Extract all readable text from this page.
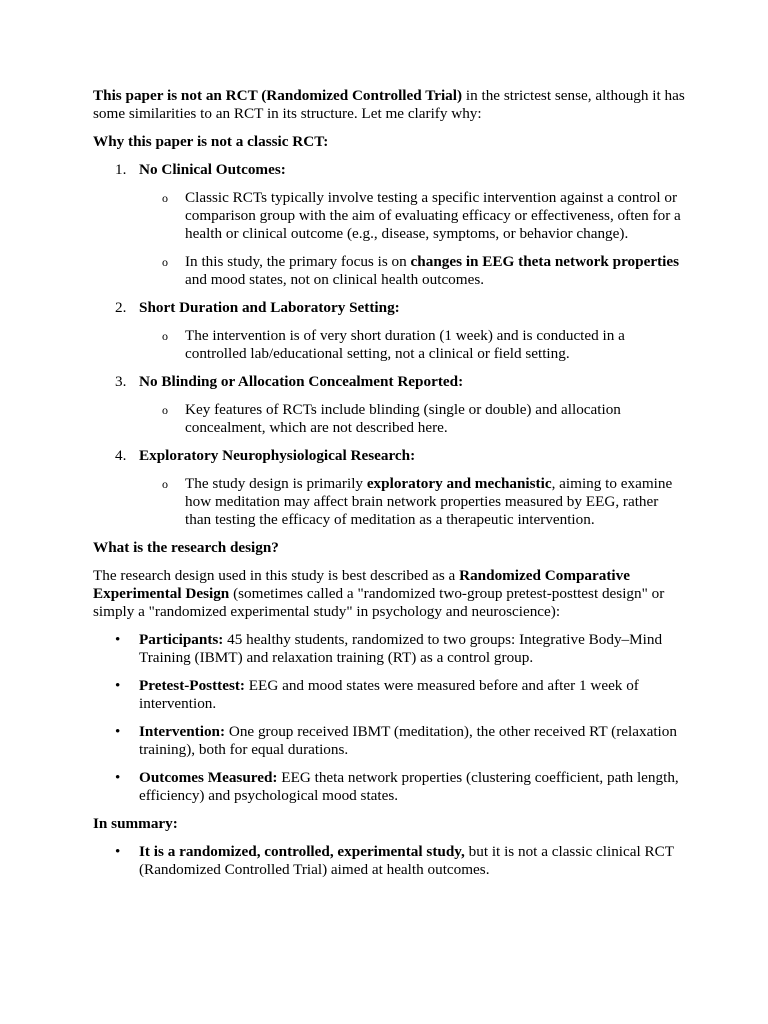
This paper is not an RCT (Randomized Controlled Trial) in the strictest sense, although it has some similarities to an RCT in its structure. Let me clarify why:

Why this paper is not a classic RCT:

1. No Clinical Outcomes:
o Classic RCTs typically involve testing a specific intervention against a control or comparison group with the aim of evaluating efficacy or effectiveness, often for a health or clinical outcome (e.g., disease, symptoms, or behavior change).
o In this study, the primary focus is on changes in EEG theta network properties and mood states, not on clinical health outcomes.
2. Short Duration and Laboratory Setting:
o The intervention is of very short duration (1 week) and is conducted in a controlled lab/educational setting, not a clinical or field setting.
3. No Blinding or Allocation Concealment Reported:
o Key features of RCTs include blinding (single or double) and allocation concealment, which are not described here.
4. Exploratory Neurophysiological Research:
o The study design is primarily exploratory and mechanistic, aiming to examine how meditation may affect brain network properties measured by EEG, rather than testing the efficacy of meditation as a therapeutic intervention.

What is the research design?

The research design used in this study is best described as a Randomized Comparative Experimental Design (sometimes called a "randomized two-group pretest-posttest design" or simply a "randomized experimental study" in psychology and neuroscience):

• Participants: 45 healthy students, randomized to two groups: Integrative Body–Mind Training (IBMT) and relaxation training (RT) as a control group.
• Pretest-Posttest: EEG and mood states were measured before and after 1 week of intervention.
• Intervention: One group received IBMT (meditation), the other received RT (relaxation training), both for equal durations.
• Outcomes Measured: EEG theta network properties (clustering coefficient, path length, efficiency) and psychological mood states.

In summary:

• It is a randomized, controlled, experimental study, but it is not a classic clinical RCT (Randomized Controlled Trial) aimed at health outcomes.
